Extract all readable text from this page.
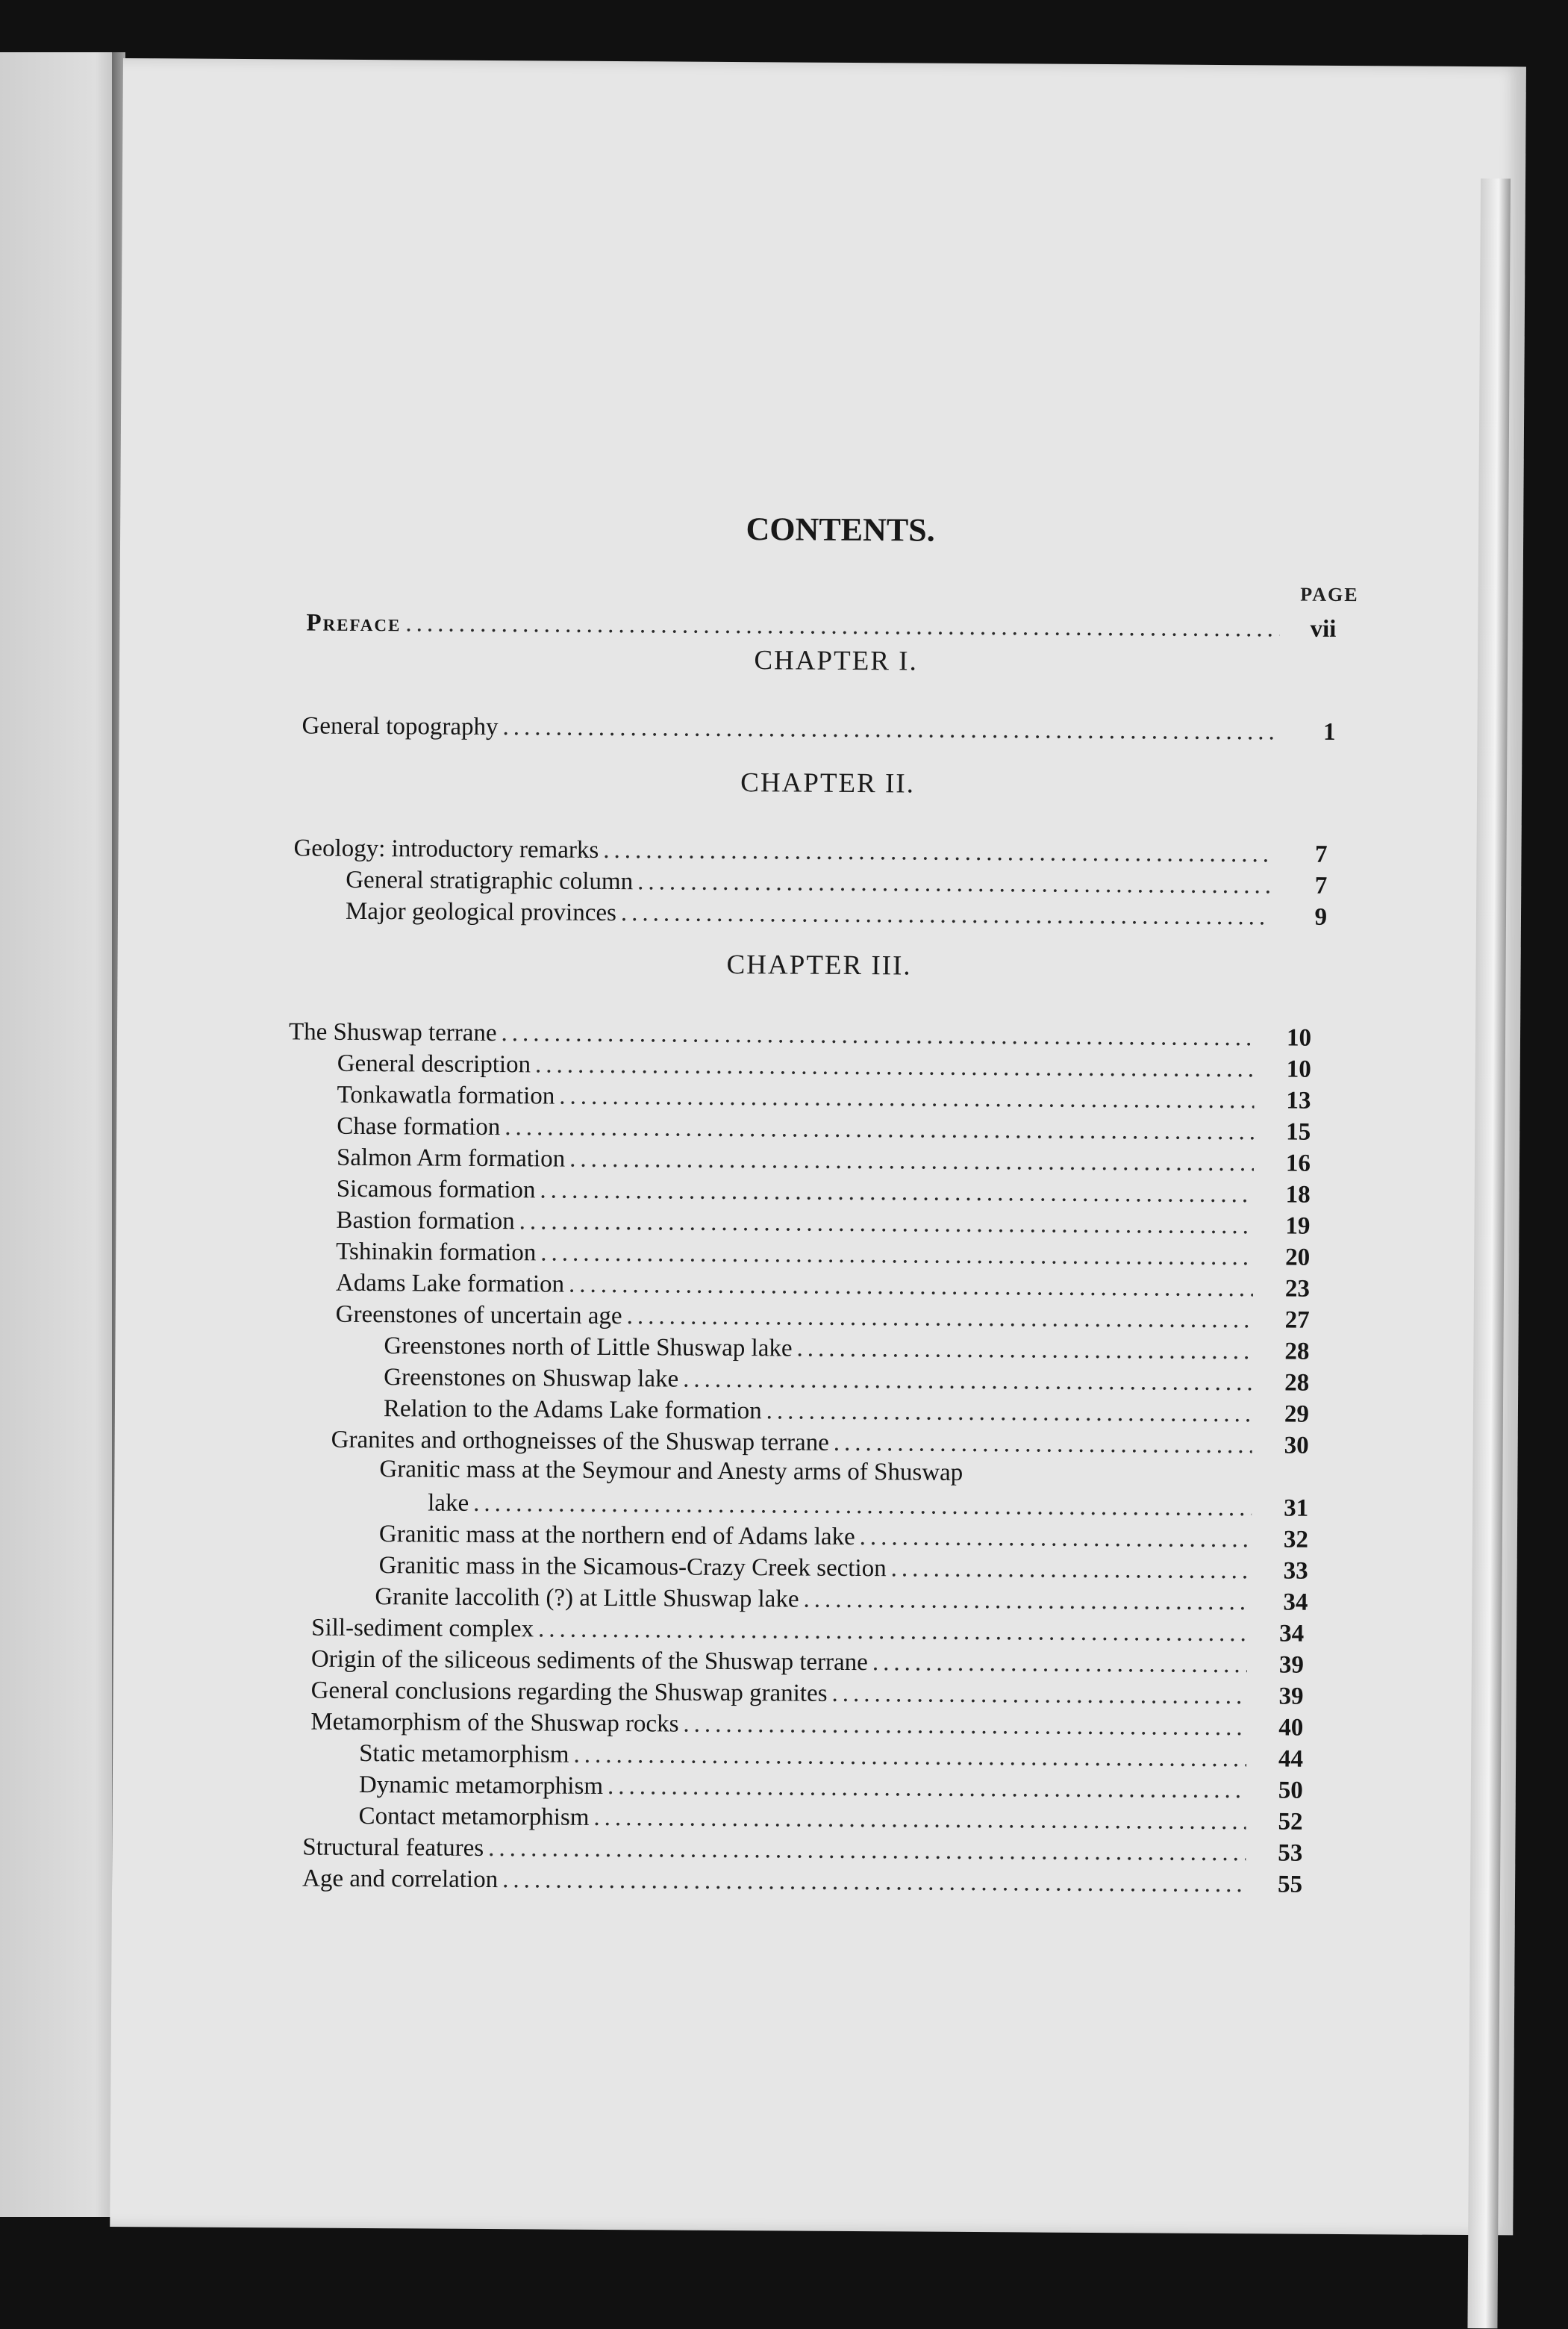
CONTENTS.
PAGE
Preface .....	vii
CHAPTER I.
General topography .....	1
CHAPTER II.
Geology: introductory remarks .....	7
General stratigraphic column .....	7
Major geological provinces .....	9
CHAPTER III.
The Shuswap terrane .....	10
General description .....	10
Tonkawatla formation .....	13
Chase formation .....	15
Salmon Arm formation .....	16
Sicamous formation .....	18
Bastion formation .....	19
Tshinakin formation .....	20
Adams Lake formation .....	23
Greenstones of uncertain age .....	27
Greenstones north of Little Shuswap lake .....	28
Greenstones on Shuswap lake .....	28
Relation to the Adams Lake formation .....	29
Granites and orthogneisses of the Shuswap terrane .....	30
Granitic mass at the Seymour and Anesty arms of Shuswap
lake .....	31
Granitic mass at the northern end of Adams lake .....	32
Granitic mass in the Sicamous-Crazy Creek section .....	33
Granite laccolith (?) at Little Shuswap lake .....	34
Sill-sediment complex .....	34
Origin of the siliceous sediments of the Shuswap terrane .....	39
General conclusions regarding the Shuswap granites .....	39
Metamorphism of the Shuswap rocks .....	40
Static metamorphism .....	44
Dynamic metamorphism .....	50
Contact metamorphism .....	52
Structural features .....	53
Age and correlation .....	55
